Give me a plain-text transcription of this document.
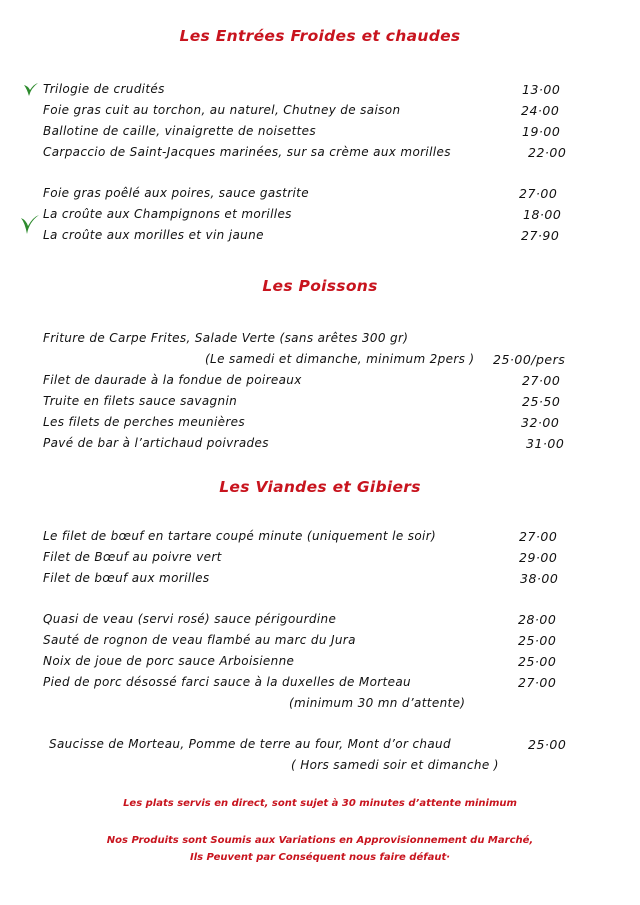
Les Entrées Froides et chaudes
Trilogie de crudités	13·00
Foie gras cuit au torchon, au naturel, Chutney de saison	24·00
Ballotine de caille, vinaigrette de noisettes	19·00
Carpaccio de Saint-Jacques marinées, sur sa crème aux morilles	22·00
Foie gras poêlé aux poires, sauce gastrite	27·00
La croûte aux Champignons et morilles	18·00
La croûte aux morilles et vin jaune	27·90
Les Poissons
Friture de Carpe Frites, Salade Verte (sans arêtes 300 gr)
(Le samedi et dimanche, minimum 2pers ) 25·00/pers
Filet de daurade à la fondue de poireaux	27·00
Truite en filets sauce savagnin	25·50
Les filets de perches meunières	32·00
Pavé de bar à l’artichaud poivrades	31·00
Les Viandes et Gibiers
Le filet de bœuf en tartare coupé minute (uniquement le soir)	27·00
Filet de Bœuf au poivre vert	29·00
Filet de bœuf aux morilles	38·00
Quasi de veau (servi rosé) sauce périgourdine	28·00
Sauté de rognon de veau flambé au marc du Jura	25·00
Noix de joue de porc sauce Arboisienne	25·00
Pied de porc désossé farci sauce à la duxelles de Morteau	27·00
(minimum 30 mn d’attente)
Saucisse de Morteau, Pomme de terre au four, Mont d’or chaud	25·00
( Hors samedi soir et dimanche )
Les plats servis en direct, sont sujet à 30 minutes d’attente minimum
Nos Produits sont Soumis aux Variations en Approvisionnement du Marché,
Ils Peuvent par Conséquent nous faire défaut·
